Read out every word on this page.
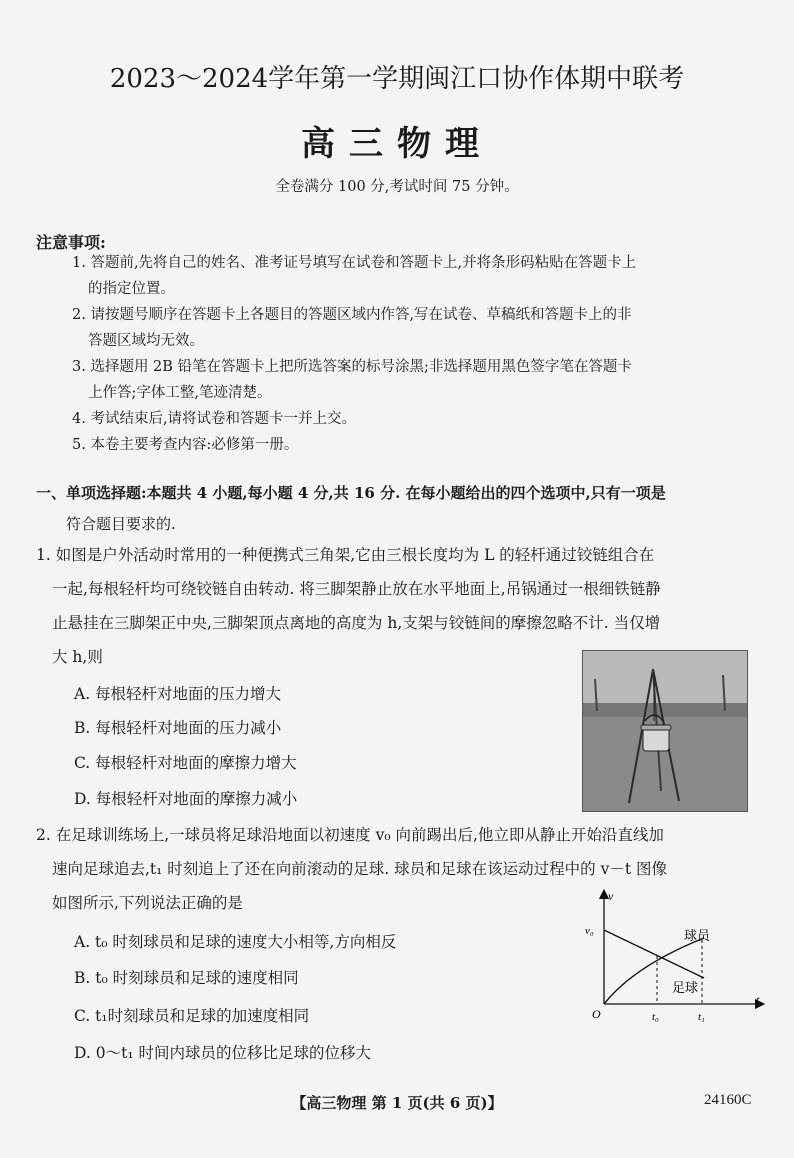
2023～2024学年第一学期闽江口协作体期中联考
高三物理
全卷满分 100 分,考试时间 75 分钟。
注意事项:
1. 答题前,先将自己的姓名、准考证号填写在试卷和答题卡上,并将条形码粘贴在答题卡上
的指定位置。
2. 请按题号顺序在答题卡上各题目的答题区域内作答,写在试卷、草稿纸和答题卡上的非
答题区域均无效。
3. 选择题用 2B 铅笔在答题卡上把所选答案的标号涂黑;非选择题用黑色签字笔在答题卡
上作答;字体工整,笔迹清楚。
4. 考试结束后,请将试卷和答题卡一并上交。
5. 本卷主要考查内容:必修第一册。
一、单项选择题:本题共 4 小题,每小题 4 分,共 16 分. 在每小题给出的四个选项中,只有一项是
符合题目要求的.
1. 如图是户外活动时常用的一种便携式三角架,它由三根长度均为 L 的轻杆通过铰链组合在
一起,每根轻杆均可绕铰链自由转动. 将三脚架静止放在水平地面上,吊锅通过一根细铁链静
止悬挂在三脚架正中央,三脚架顶点离地的高度为 h,支架与铰链间的摩擦忽略不计. 当仅增
大 h,则
A. 每根轻杆对地面的压力增大
B. 每根轻杆对地面的压力减小
C. 每根轻杆对地面的摩擦力增大
D. 每根轻杆对地面的摩擦力减小
2. 在足球训练场上,一球员将足球沿地面以初速度 v₀ 向前踢出后,他立即从静止开始沿直线加
速向足球追去,t₁ 时刻追上了还在向前滚动的足球. 球员和足球在该运动过程中的 v－t 图像
如图所示,下列说法正确的是
A. t₀ 时刻球员和足球的速度大小相等,方向相反
B. t₀ 时刻球员和足球的速度相同
C. t₁时刻球员和足球的加速度相同
D. 0～t₁ 时间内球员的位移比足球的位移大
v
t
v₀
O	t₀	t₁
球员
足球
【高三物理 第 1 页(共 6 页)】	24160C
